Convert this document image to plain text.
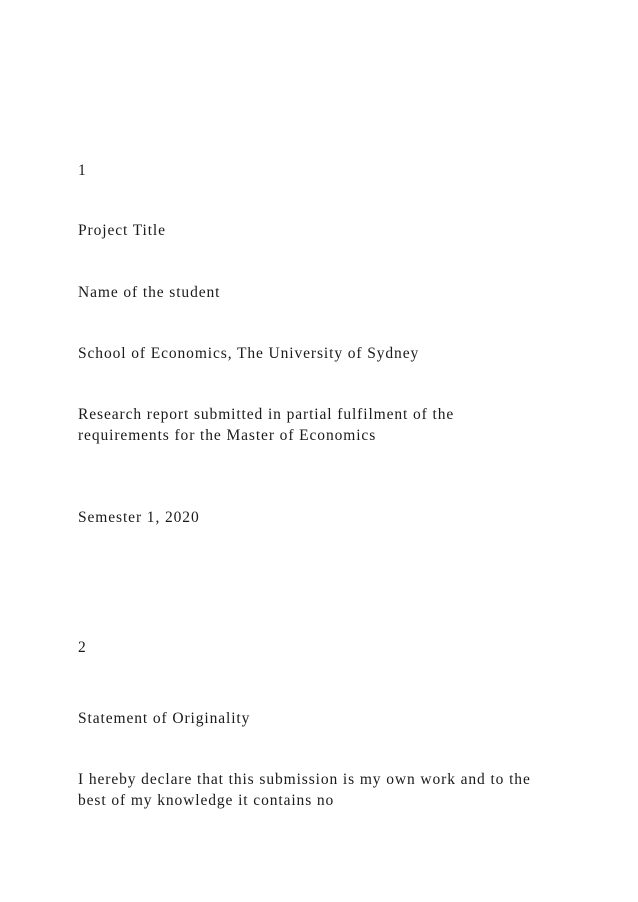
1
Project Title
Name of the student
School of Economics, The University of Sydney
Research report submitted in partial fulfilment of the
requirements for the Master of Economics
Semester 1, 2020
2
Statement of Originality
I hereby declare that this submission is my own work and to the
best of my knowledge it contains no
